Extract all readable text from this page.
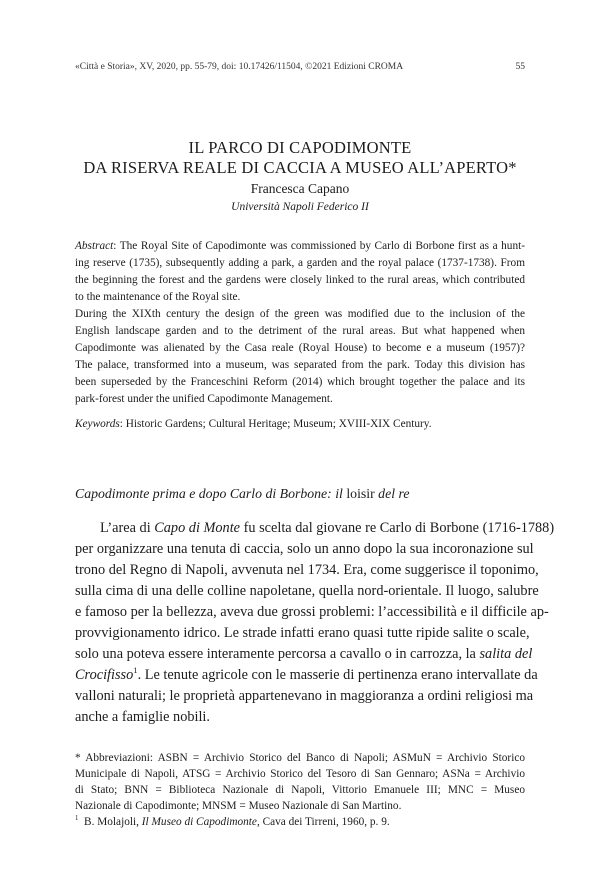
«Città e Storia», XV, 2020, pp. 55-79, doi: 10.17426/11504, ©2021 Edizioni CROMA	55
IL PARCO DI CAPODIMONTE
DA RISERVA REALE DI CACCIA A MUSEO ALL’APERTO*
Francesca Capano
Università Napoli Federico II
Abstract: The Royal Site of Capodimonte was commissioned by Carlo di Borbone first as a hunt-
ing reserve (1735), subsequently adding a park, a garden and the royal palace (1737-1738). From
the beginning the forest and the gardens were closely linked to the rural areas, which contributed
to the maintenance of the Royal site.
During the XIXth century the design of the green was modified due to the inclusion of the
English landscape garden and to the detriment of the rural areas. But what happened when
Capodimonte was alienated by the Casa reale (Royal House) to become e a museum (1957)?
The palace, transformed into a museum, was separated from the park. Today this division has
been superseded by the Franceschini Reform (2014) which brought together the palace and its
park-forest under the unified Capodimonte Management.
Keywords: Historic Gardens; Cultural Heritage; Museum; XVIII-XIX Century.
Capodimonte prima e dopo Carlo di Borbone: il loisir del re
L’area di Capo di Monte fu scelta dal giovane re Carlo di Borbone (1716-1788)
per organizzare una tenuta di caccia, solo un anno dopo la sua incoronazione sul
trono del Regno di Napoli, avvenuta nel 1734. Era, come suggerisce il toponimo,
sulla cima di una delle colline napoletane, quella nord-orientale. Il luogo, salubre
e famoso per la bellezza, aveva due grossi problemi: l’accessibilità e il difficile ap-
provvigionamento idrico. Le strade infatti erano quasi tutte ripide salite o scale,
solo una poteva essere interamente percorsa a cavallo o in carrozza, la salita del
Crocifisso$^1$. Le tenute agricole con le masserie di pertinenza erano intervallate da
valloni naturali; le proprietà appartenevano in maggioranza a ordini religiosi ma
anche a famiglie nobili.
* Abbreviazioni: ASBN = Archivio Storico del Banco di Napoli; ASMuN = Archivio Storico
Municipale di Napoli, ATSG = Archivio Storico del Tesoro di San Gennaro; ASNa = Archivio
di Stato; BNN = Biblioteca Nazionale di Napoli, Vittorio Emanuele III; MNC = Museo
Nazionale di Capodimonte; MNSM = Museo Nazionale di San Martino.
$^1$  B. Molajoli, Il Museo di Capodimonte, Cava dei Tirreni, 1960, p. 9.
